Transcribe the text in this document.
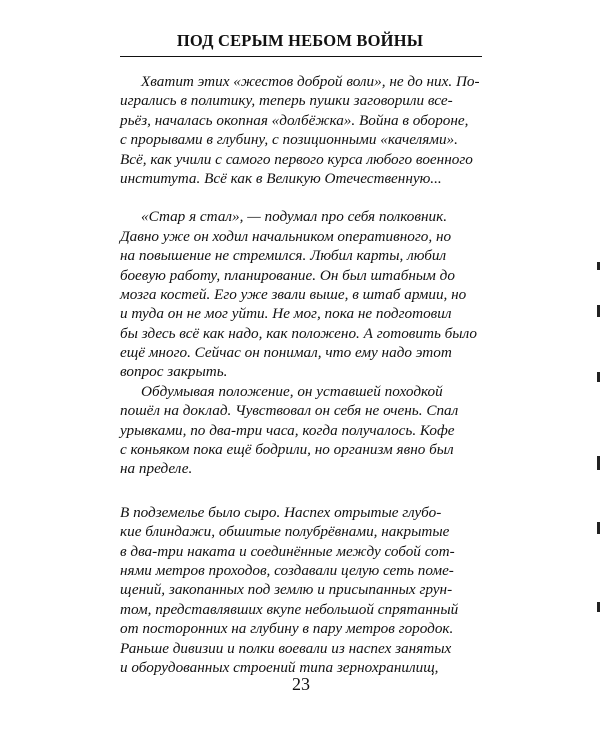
ПОД СЕРЫМ НЕБОМ ВОЙНЫ
Хватит этих «жестов доброй воли», не до них. По-
игрались в политику, теперь пушки заговорили все-
рьёз, началась окопная «долбёжка». Война в обороне,
с прорывами в глубину, с позиционными «качелями».
Всё, как учили с самого первого курса любого военного
института. Всё как в Великую Отечественную...
«Стар я стал», — подумал про себя полковник.
Давно уже он ходил начальником оперативного, но
на повышение не стремился. Любил карты, любил
боевую работу, планирование. Он был штабным до
мозга костей. Его уже звали выше, в штаб армии, но
и туда он не мог уйти. Не мог, пока не подготовил
бы здесь всё как надо, как положено. А готовить было
ещё много. Сейчас он понимал, что ему надо этот
вопрос закрыть.
Обдумывая положение, он уставшей походкой
пошёл на доклад. Чувствовал он себя не очень. Спал
урывками, по два-три часа, когда получалось. Кофе
с коньяком пока ещё бодрили, но организм явно был
на пределе.
В подземелье было сыро. Наспех отрытые глубо-
кие блиндажи, обшитые полубрёвнами, накрытые
в два-три наката и соединённые между собой сот-
нями метров проходов, создавали целую сеть поме-
щений, закопанных под землю и присыпанных грун-
том, представлявших вкупе небольшой спрятанный
от посторонних на глубину в пару метров городок.
Раньше дивизии и полки воевали из наспех занятых
и оборудованных строений типа зернохранилищ,
23
